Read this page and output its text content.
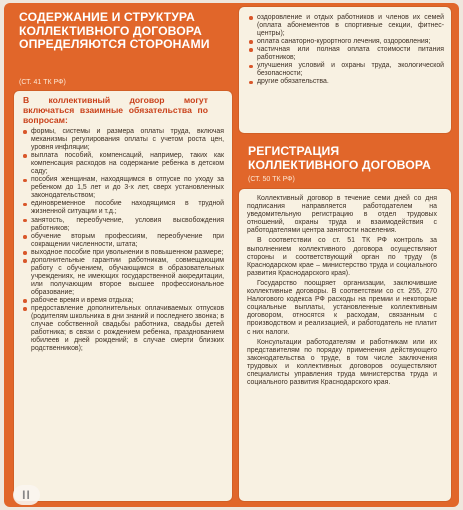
СОДЕРЖАНИЕ И СТРУКТУРА КОЛЛЕКТИВНОГО ДОГОВОРА ОПРЕДЕЛЯЮТСЯ СТОРОНАМИ
(СТ. 41 ТК РФ)
В коллективный договор могут включаться взаимные обязательства по вопросам:
формы, системы и размера оплаты труда, включая механизмы регулирования оплаты с учетом роста цен, уровня инфляции;
выплата пособий, компенсаций, например, таких как компенсация расходов на содержание ребенка в детском саду;
пособия женщинам, находящимся в отпуске по уходу за ребенком до 1,5 лет и до 3-х лет, сверх установленных законодательством;
единовременное пособие находящимся в трудной жизненной ситуации и т.д.;
занятость, переобучение, условия высвобождения работников;
обучение вторым профессиям, переобучение при сокращении численности, штата;
выходное пособие при увольнении в повышенном размере;
дополнительные гарантии работникам, совмещающим работу с обучением, обучающимся в образовательных учреждениях, не имеющих государственной аккредитации, или получающим второе высшее профессиональное образование;
рабочее время и время отдыха;
предоставление дополнительных оплачиваемых отпусков (родителям школьника в дни знаний и последнего звонка; в случае собственной свадьбы работника, свадьбы детей работника; в связи с рождением ребенка, празднованием юбилеев и дней рождений; в случае смерти близких родственников);
оздоровление и отдых работников и членов их семей (оплата абонементов в спортивные секции, фитнес-центры);
оплата санаторно-курортного лечения, оздоровления;
частичная или полная оплата стоимости питания работников;
улучшения условий и охраны труда, экологической безопасности;
другие обязательства.
РЕГИСТРАЦИЯ КОЛЛЕКТИВНОГО ДОГОВОРА
(СТ. 50 ТК РФ)

Коллективный договор в течение семи дней со дня подписания направляется работодателем на уведомительную регистрацию в отдел трудовых отношений, охраны труда и взаимодействия с работодателями центра занятости населения.

В соответствии со ст. 51 ТК РФ контроль за выполнением коллективного договора осуществляют стороны и соответствующий орган по труду (в Краснодарском крае – министерство труда и социального развития Краснодарского края).

Государство поощряет организации, заключившие коллективные договоры. В соответствии со ст. 255, 270 Налогового кодекса РФ расходы на премии и некоторые социальные выплаты, установленные коллективным договором, относятся к расходам, связанным с производством и реализацией, и работодатель не платит с них налоги.

Консультации работодателям и работникам или их представителям по порядку применения действующего законодательства о труде, в том числе заключения трудовых и коллективных договоров осуществляют специалисты управления труда министерства труда и социального развития Краснодарского края.

II
